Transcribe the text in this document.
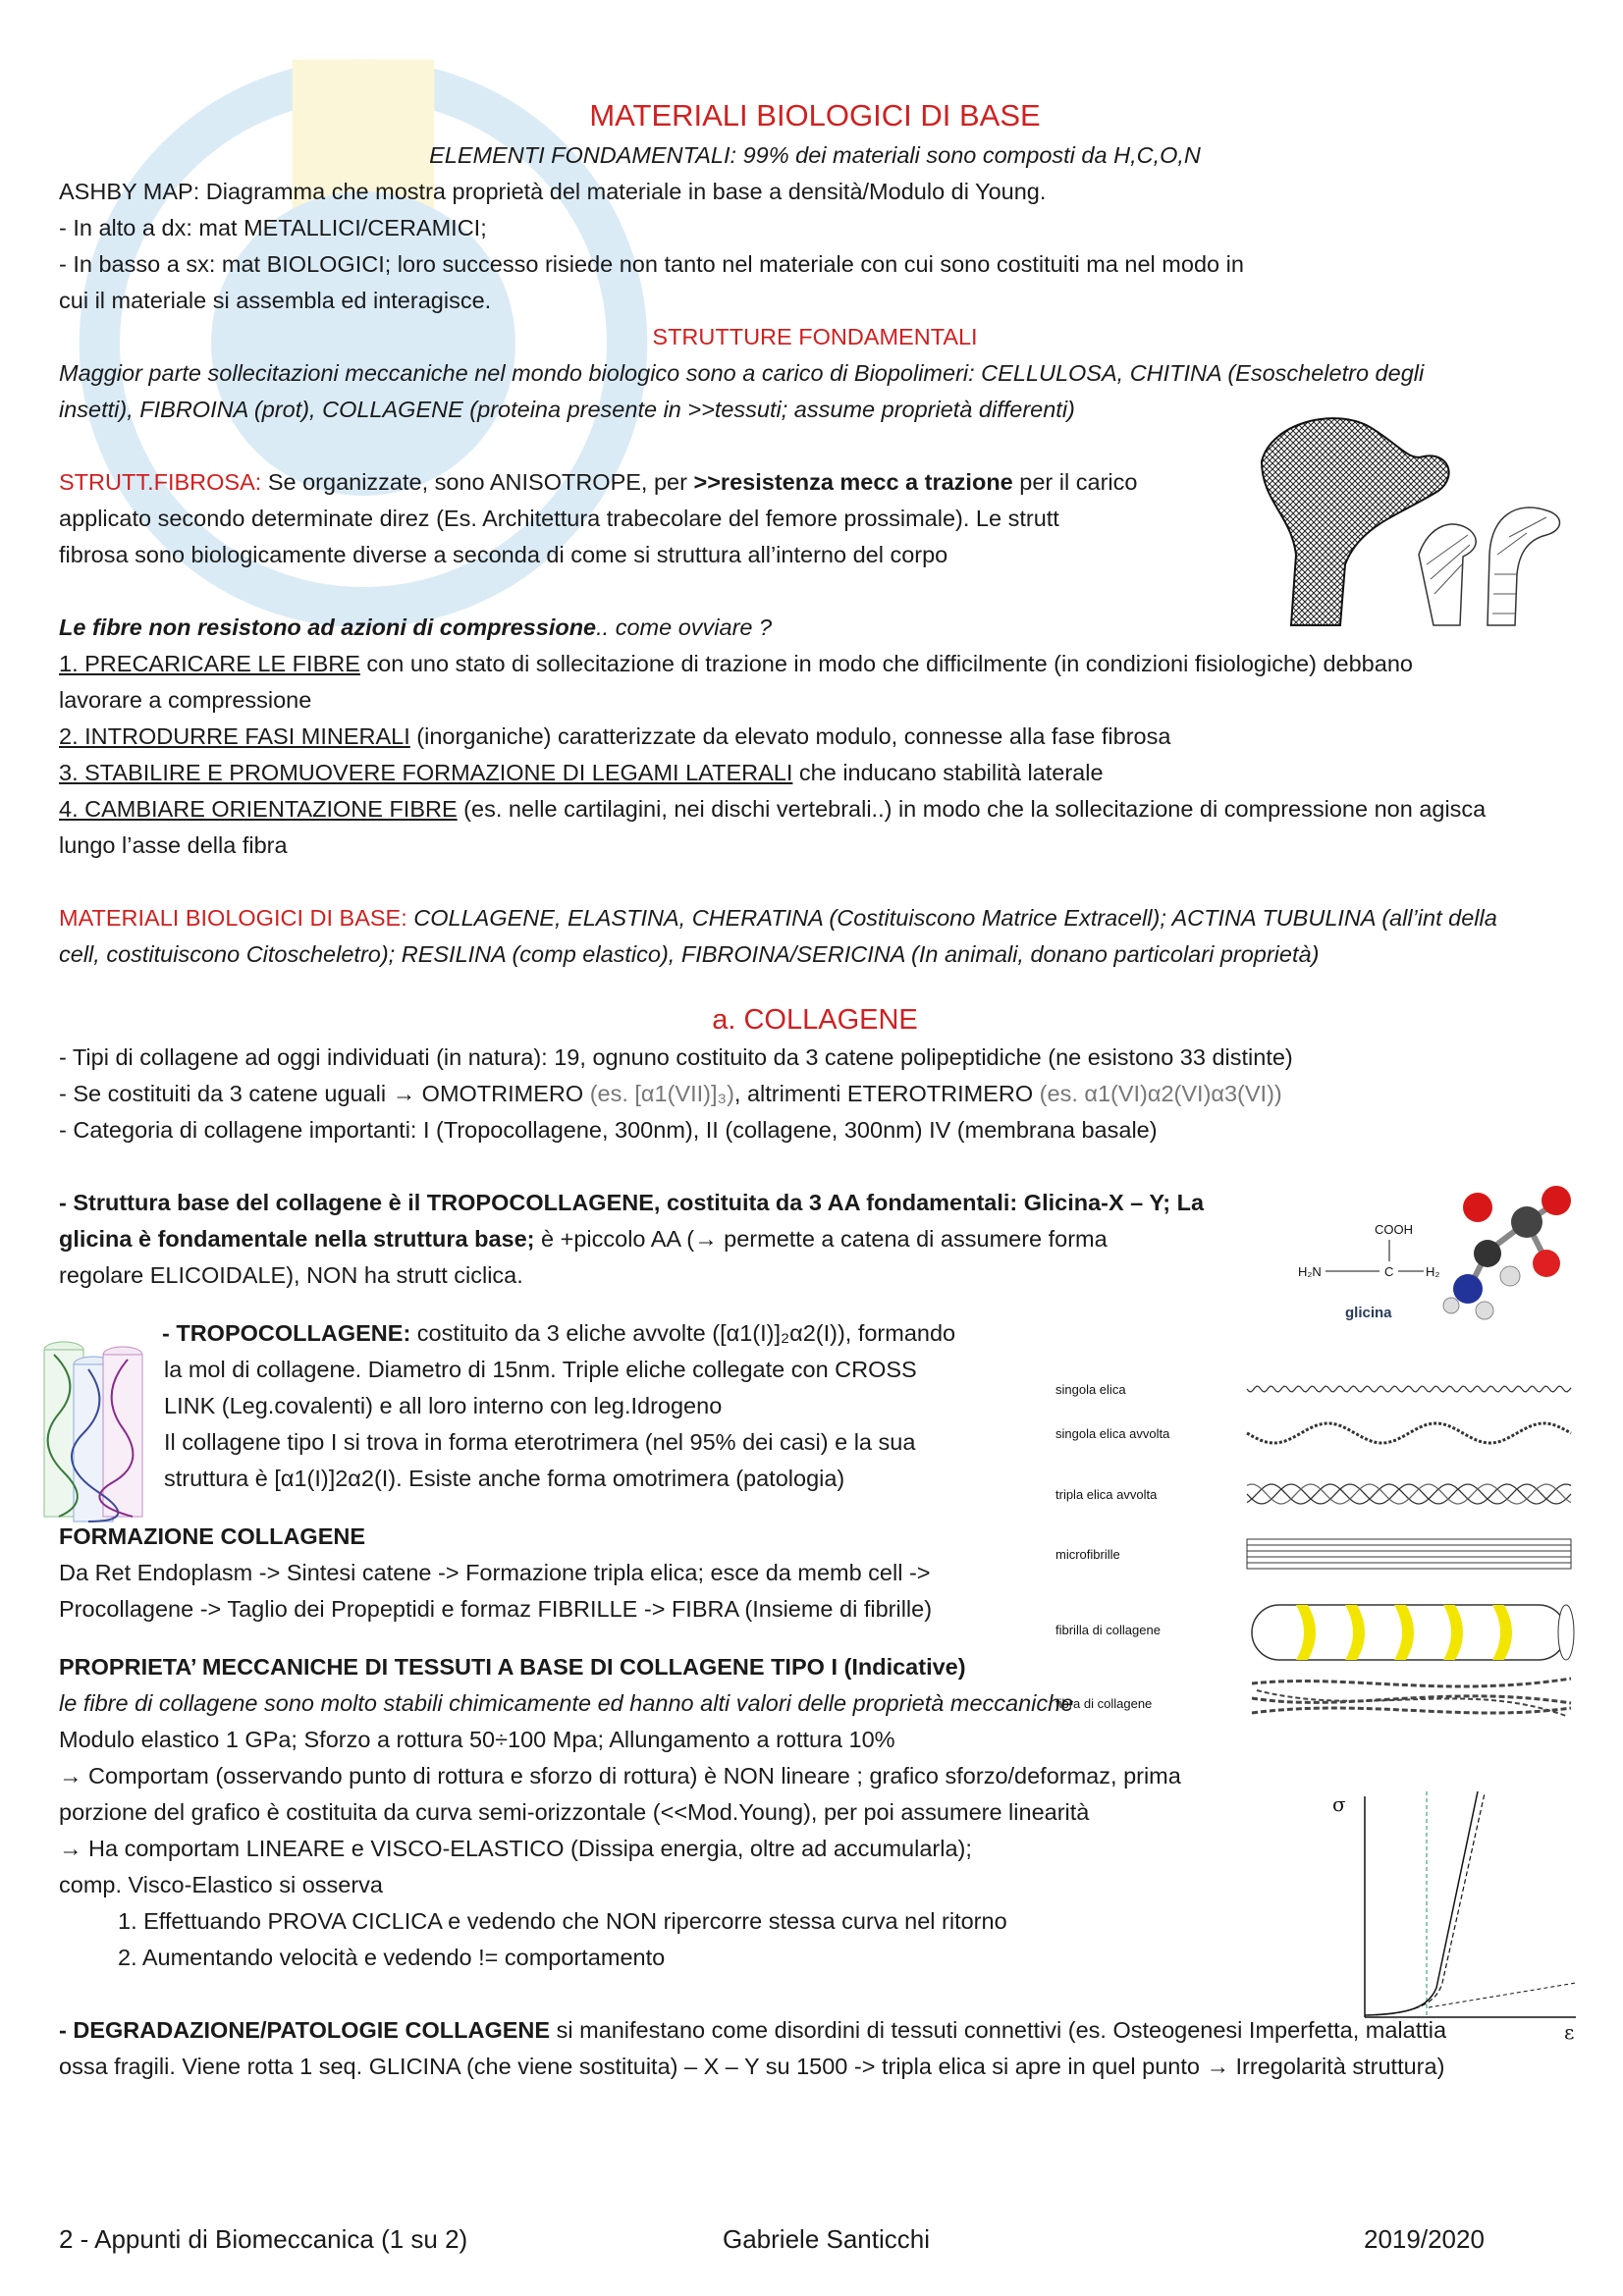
MATERIALI BIOLOGICI DI BASE
ELEMENTI FONDAMENTALI: 99% dei materiali sono composti da H,C,O,N
ASHBY MAP: Diagramma che mostra proprietà del materiale in base a densità/Modulo di Young.
- In alto a dx: mat METALLICI/CERAMICI;
- In basso a sx: mat BIOLOGICI; loro successo risiede non tanto nel materiale con cui sono costituiti ma nel modo in
cui il materiale si assembla ed interagisce.
STRUTTURE FONDAMENTALI
Maggior parte sollecitazioni meccaniche nel mondo biologico sono a carico di Biopolimeri: CELLULOSA, CHITINA (Esoscheletro degli
insetti), FIBROINA (prot), COLLAGENE (proteina presente in >>tessuti; assume proprietà differenti)
STRUTT.FIBROSA: Se organizzate, sono ANISOTROPE, per >>resistenza mecc a trazione per il carico
applicato secondo determinate direz (Es. Architettura trabecolare del femore prossimale). Le strutt
fibrosa sono biologicamente diverse a seconda di come si struttura all’interno del corpo
Le fibre non resistono ad azioni di compressione.. come ovviare ?
1. PRECARICARE LE FIBRE con uno stato di sollecitazione di trazione in modo che difficilmente (in condizioni fisiologiche) debbano
lavorare a compressione
2. INTRODURRE FASI MINERALI (inorganiche) caratterizzate da elevato modulo, connesse alla fase fibrosa
3. STABILIRE E PROMUOVERE FORMAZIONE DI LEGAMI LATERALI che inducano stabilità laterale
4. CAMBIARE ORIENTAZIONE FIBRE (es. nelle cartilagini, nei dischi vertebrali..) in modo che la sollecitazione di compressione non agisca
lungo l’asse della fibra
MATERIALI BIOLOGICI DI BASE: COLLAGENE, ELASTINA, CHERATINA (Costituiscono Matrice Extracell); ACTINA TUBULINA (all’int della
cell, costituiscono Citoscheletro); RESILINA (comp elastico), FIBROINA/SERICINA (In animali, donano particolari proprietà)
a. COLLAGENE
- Tipi di collagene ad oggi individuati (in natura): 19, ognuno costituito da 3 catene polipeptidiche (ne esistono 33 distinte)
- Se costituiti da 3 catene uguali → OMOTRIMERO (es. [α1(VII)]₃), altrimenti ETEROTRIMERO (es. α1(VI)α2(VI)α3(VI))
- Categoria di collagene importanti: I (Tropocollagene, 300nm), II (collagene, 300nm) IV (membrana basale)
- Struttura base del collagene è il TROPOCOLLAGENE, costituita da 3 AA fondamentali: Glicina-X – Y; La
glicina è fondamentale nella struttura base; è +piccolo AA (→ permette a catena di assumere forma
regolare ELICOIDALE), NON ha strutt ciclica.
- TROPOCOLLAGENE: costituito da 3 eliche avvolte ([α1(I)]₂α2(I)), formando
la mol di collagene. Diametro di 15nm. Triple eliche collegate con CROSS
LINK (Leg.covalenti) e all loro interno con leg.Idrogeno
Il collagene tipo I si trova in forma eterotrimera (nel 95% dei casi) e la sua
struttura è [α1(I)]2α2(I). Esiste anche forma omotrimera (patologia)
FORMAZIONE COLLAGENE
Da Ret Endoplasm -> Sintesi catene -> Formazione tripla elica; esce da memb cell ->
Procollagene -> Taglio dei Propeptidi e formaz FIBRILLE -> FIBRA (Insieme di fibrille)
PROPRIETA’ MECCANICHE DI TESSUTI A BASE DI COLLAGENE TIPO I (Indicative)
le fibre di collagene sono molto stabili chimicamente ed hanno alti valori delle proprietà meccaniche
Modulo elastico 1 GPa; Sforzo a rottura 50÷100 Mpa; Allungamento a rottura 10%
→ Comportam (osservando punto di rottura e sforzo di rottura) è NON lineare ; grafico sforzo/deformaz, prima
porzione del grafico è costituita da curva semi-orizzontale (<<Mod.Young), per poi assumere linearità
→ Ha comportam LINEARE e VISCO-ELASTICO (Dissipa energia, oltre ad accumularla);
comp. Visco-Elastico si osserva
1. Effettuando PROVA CICLICA e vedendo che NON ripercorre stessa curva nel ritorno
2. Aumentando velocità e vedendo != comportamento
- DEGRADAZIONE/PATOLOGIE COLLAGENE si manifestano come disordini di tessuti connettivi (es. Osteogenesi Imperfetta, malattia
ossa fragili. Viene rotta 1 seq. GLICINA (che viene sostituita) – X – Y su 1500 -> tripla elica si apre in quel punto → Irregolarità struttura)
COOH
H₂N	C	H₂
glicina
singola elica
singola elica avvolta
tripla elica avvolta
microfibrille
fibrilla di collagene
fibra di collagene
σ
ε
2 - Appunti di Biomeccanica (1 su 2)	Gabriele Santicchi	2019/2020
